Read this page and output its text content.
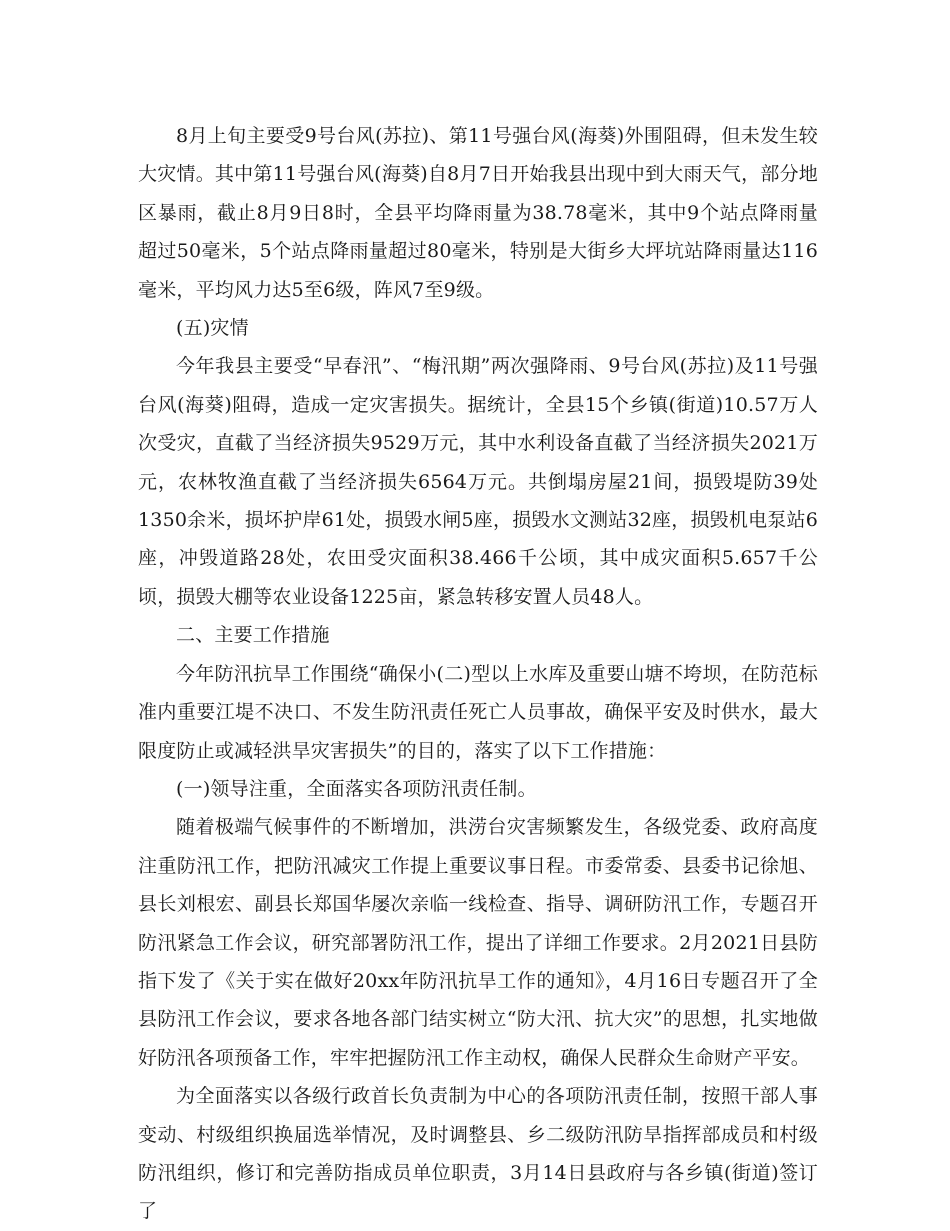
8月上旬主要受9号台风(苏拉)、第11号强台风(海葵)外围阻碍，但未发生较大灾情。其中第11号强台风(海葵)自8月7日开始我县出现中到大雨天气，部分地区暴雨，截止8月9日8时，全县平均降雨量为38.78毫米，其中9个站点降雨量超过50毫米，5个站点降雨量超过80毫米，特别是大街乡大坪坑站降雨量达116毫米，平均风力达5至6级，阵风7至9级。

(五)灾情

今年我县主要受“早春汛”、“梅汛期”两次强降雨、9号台风(苏拉)及11号强台风(海葵)阻碍，造成一定灾害损失。据统计，全县15个乡镇(街道)10.57万人次受灾，直截了当经济损失9529万元，其中水利设备直截了当经济损失2021万元，农林牧渔直截了当经济损失6564万元。共倒塌房屋21间，损毁堤防39处1350余米，损坏护岸61处，损毁水闸5座，损毁水文测站32座，损毁机电泵站6座，冲毁道路28处，农田受灾面积38.466千公顷，其中成灾面积5.657千公顷，损毁大棚等农业设备1225亩，紧急转移安置人员48人。

二、主要工作措施

今年防汛抗旱工作围绕“确保小(二)型以上水库及重要山塘不垮坝，在防范标准内重要江堤不决口、不发生防汛责任死亡人员事故，确保平安及时供水，最大限度防止或减轻洪旱灾害损失”的目的，落实了以下工作措施：

(一)领导注重，全面落实各项防汛责任制。

随着极端气候事件的不断增加，洪涝台灾害频繁发生，各级党委、政府高度注重防汛工作，把防汛减灾工作提上重要议事日程。市委常委、县委书记徐旭、县长刘根宏、副县长郑国华屡次亲临一线检查、指导、调研防汛工作，专题召开防汛紧急工作会议，研究部署防汛工作，提出了详细工作要求。2月2021日县防指下发了《关于实在做好20xx年防汛抗旱工作的通知》，4月16日专题召开了全县防汛工作会议，要求各地各部门结实树立“防大汛、抗大灾”的思想，扎实地做好防汛各项预备工作，牢牢把握防汛工作主动权，确保人民群众生命财产平安。

为全面落实以各级行政首长负责制为中心的各项防汛责任制，按照干部人事变动、村级组织换届选举情况，及时调整县、乡二级防汛防旱指挥部成员和村级防汛组织，修订和完善防指成员单位职责，3月14日县政府与各乡镇(街道)签订了
